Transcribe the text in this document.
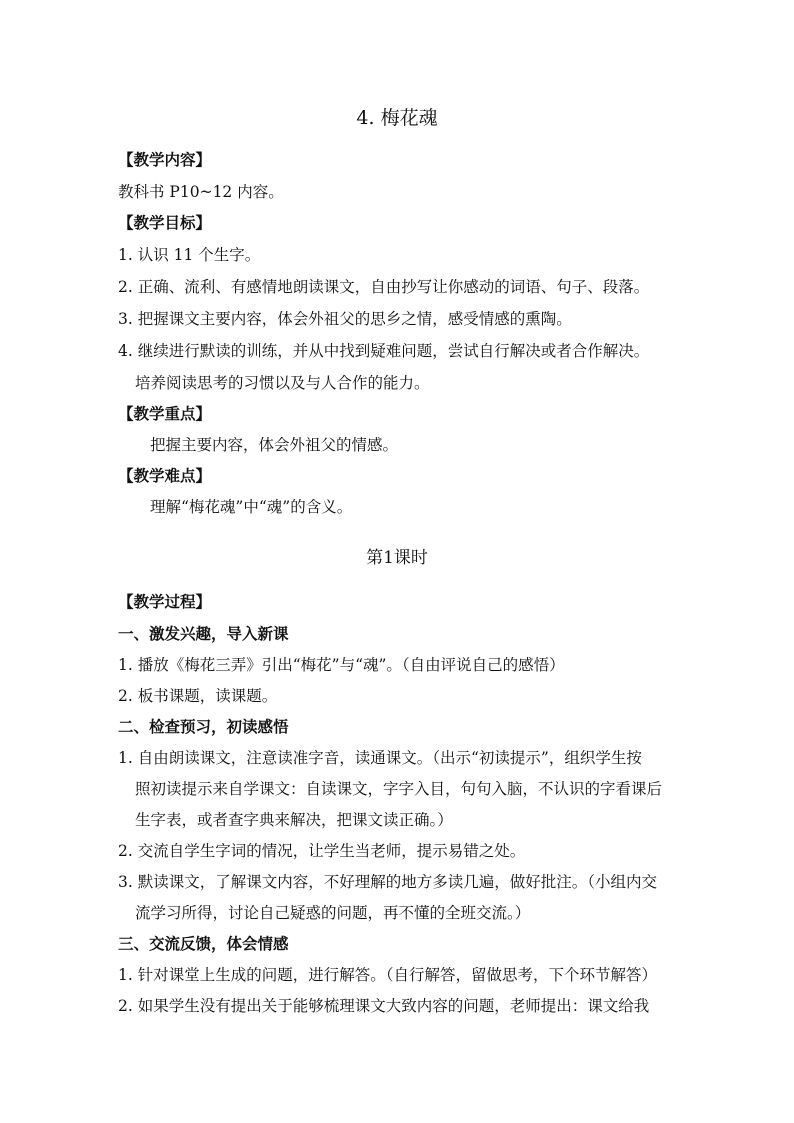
4. 梅花魂
【教学内容】
教科书 P10~12 内容。
【教学目标】
1. 认识 11 个生字。
2. 正确、流利、有感情地朗读课文，自由抄写让你感动的词语、句子、段落。
3. 把握课文主要内容，体会外祖父的思乡之情，感受情感的熏陶。
4. 继续进行默读的训练，并从中找到疑难问题，尝试自行解决或者合作解决。
培养阅读思考的习惯以及与人合作的能力。
【教学重点】
把握主要内容，体会外祖父的情感。
【教学难点】
理解“梅花魂”中“魂”的含义。
第1课时
【教学过程】
一、激发兴趣，导入新课
1. 播放《梅花三弄》引出“梅花”与“魂”。（自由评说自己的感悟）
2. 板书课题，读课题。
二、检查预习，初读感悟
1. 自由朗读课文，注意读准字音，读通课文。（出示“初读提示”，组织学生按
照初读提示来自学课文：自读课文，字字入目，句句入脑，不认识的字看课后
生字表，或者查字典来解决，把课文读正确。）
2. 交流自学生字词的情况，让学生当老师，提示易错之处。
3. 默读课文，了解课文内容，不好理解的地方多读几遍，做好批注。（小组内交
流学习所得，讨论自己疑惑的问题，再不懂的全班交流。）
三、交流反馈，体会情感
1. 针对课堂上生成的问题，进行解答。（自行解答，留做思考，下个环节解答）
2. 如果学生没有提出关于能够梳理课文大致内容的问题，老师提出：课文给我
